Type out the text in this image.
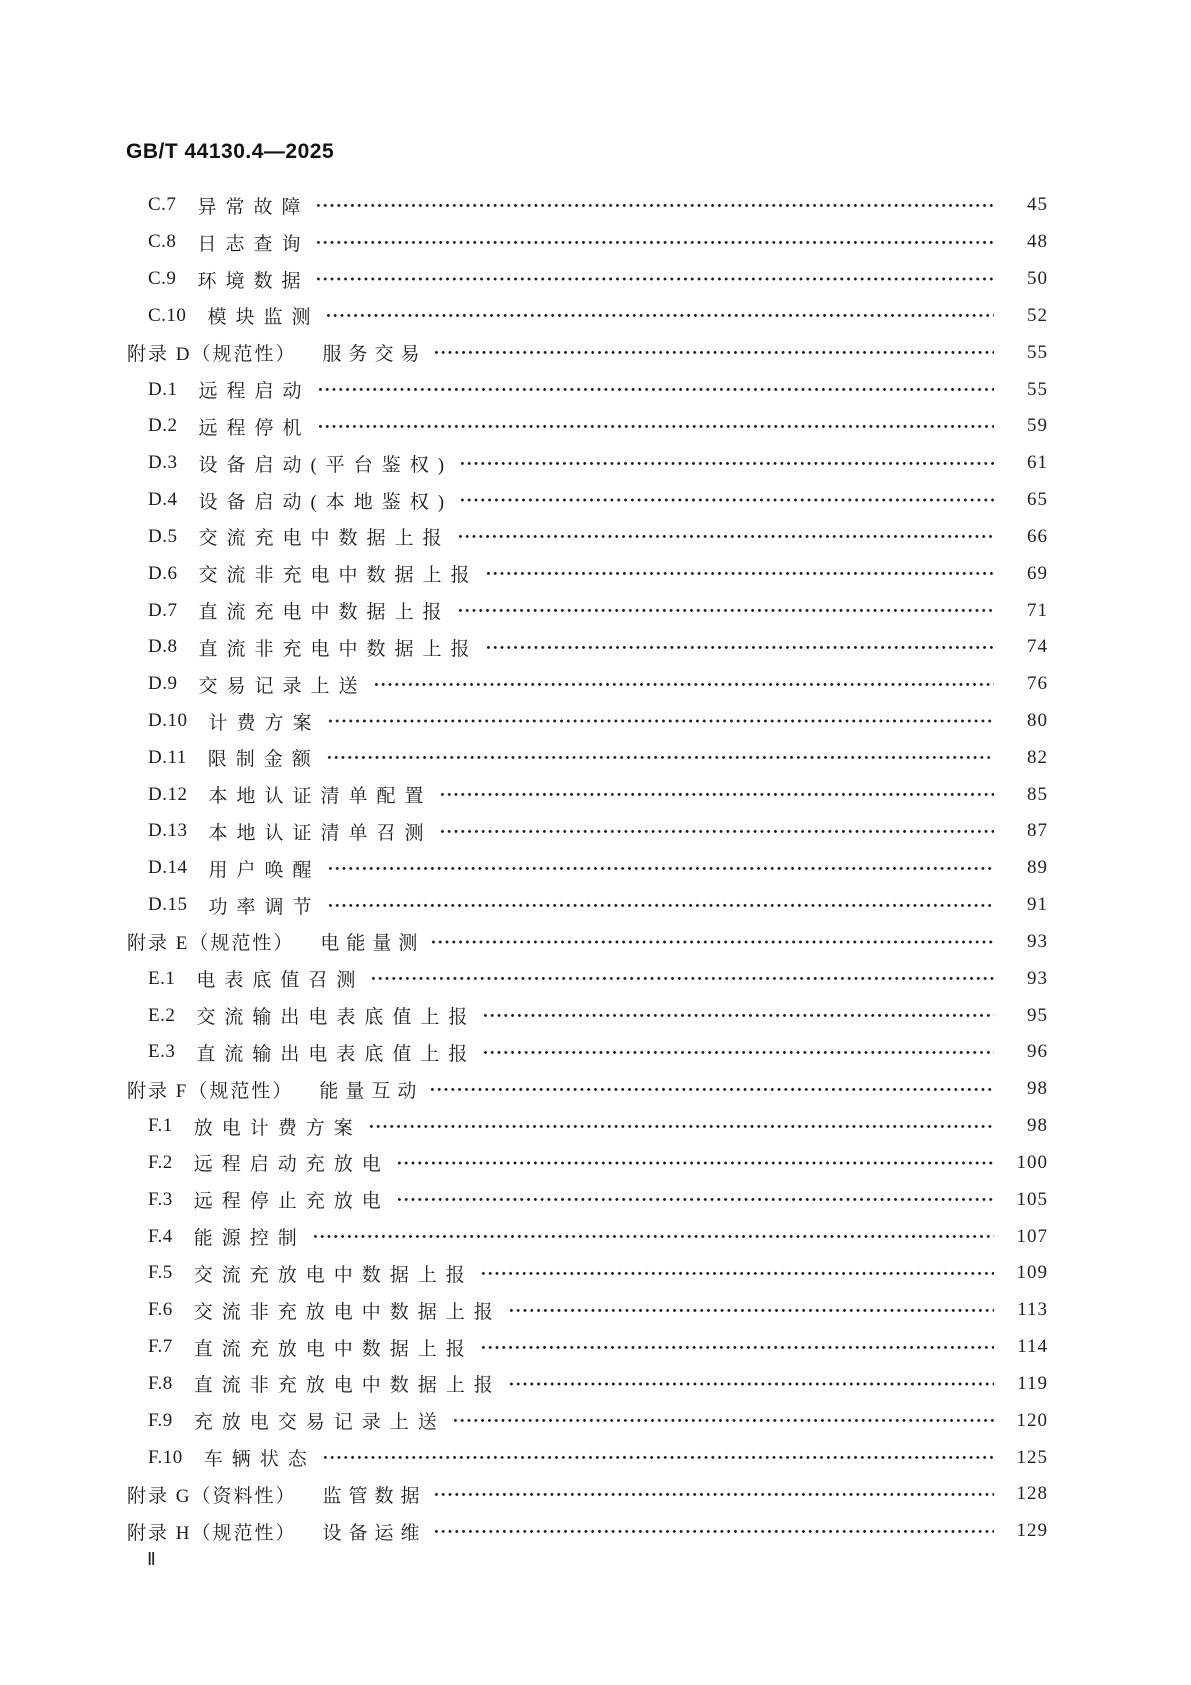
GB/T 44130.4—2025
C.7 异常故障	45
C.8 日志查询	48
C.9 环境数据	50
C.10 模块监测	52
附录 D（规范性） 服务交易	55
D.1 远程启动	55
D.2 远程停机	59
D.3 设备启动(平台鉴权)	61
D.4 设备启动(本地鉴权)	65
D.5 交流充电中数据上报	66
D.6 交流非充电中数据上报	69
D.7 直流充电中数据上报	71
D.8 直流非充电中数据上报	74
D.9 交易记录上送	76
D.10 计费方案	80
D.11 限制金额	82
D.12 本地认证清单配置	85
D.13 本地认证清单召测	87
D.14 用户唤醒	89
D.15 功率调节	91
附录 E（规范性） 电能量测	93
E.1 电表底值召测	93
E.2 交流输出电表底值上报	95
E.3 直流输出电表底值上报	96
附录 F（规范性） 能量互动	98
F.1 放电计费方案	98
F.2 远程启动充放电	100
F.3 远程停止充放电	105
F.4 能源控制	107
F.5 交流充放电中数据上报	109
F.6 交流非充放电中数据上报	113
F.7 直流充放电中数据上报	114
F.8 直流非充放电中数据上报	119
F.9 充放电交易记录上送	120
F.10 车辆状态	125
附录 G（资料性） 监管数据	128
附录 H（规范性） 设备运维	129
Ⅱ
